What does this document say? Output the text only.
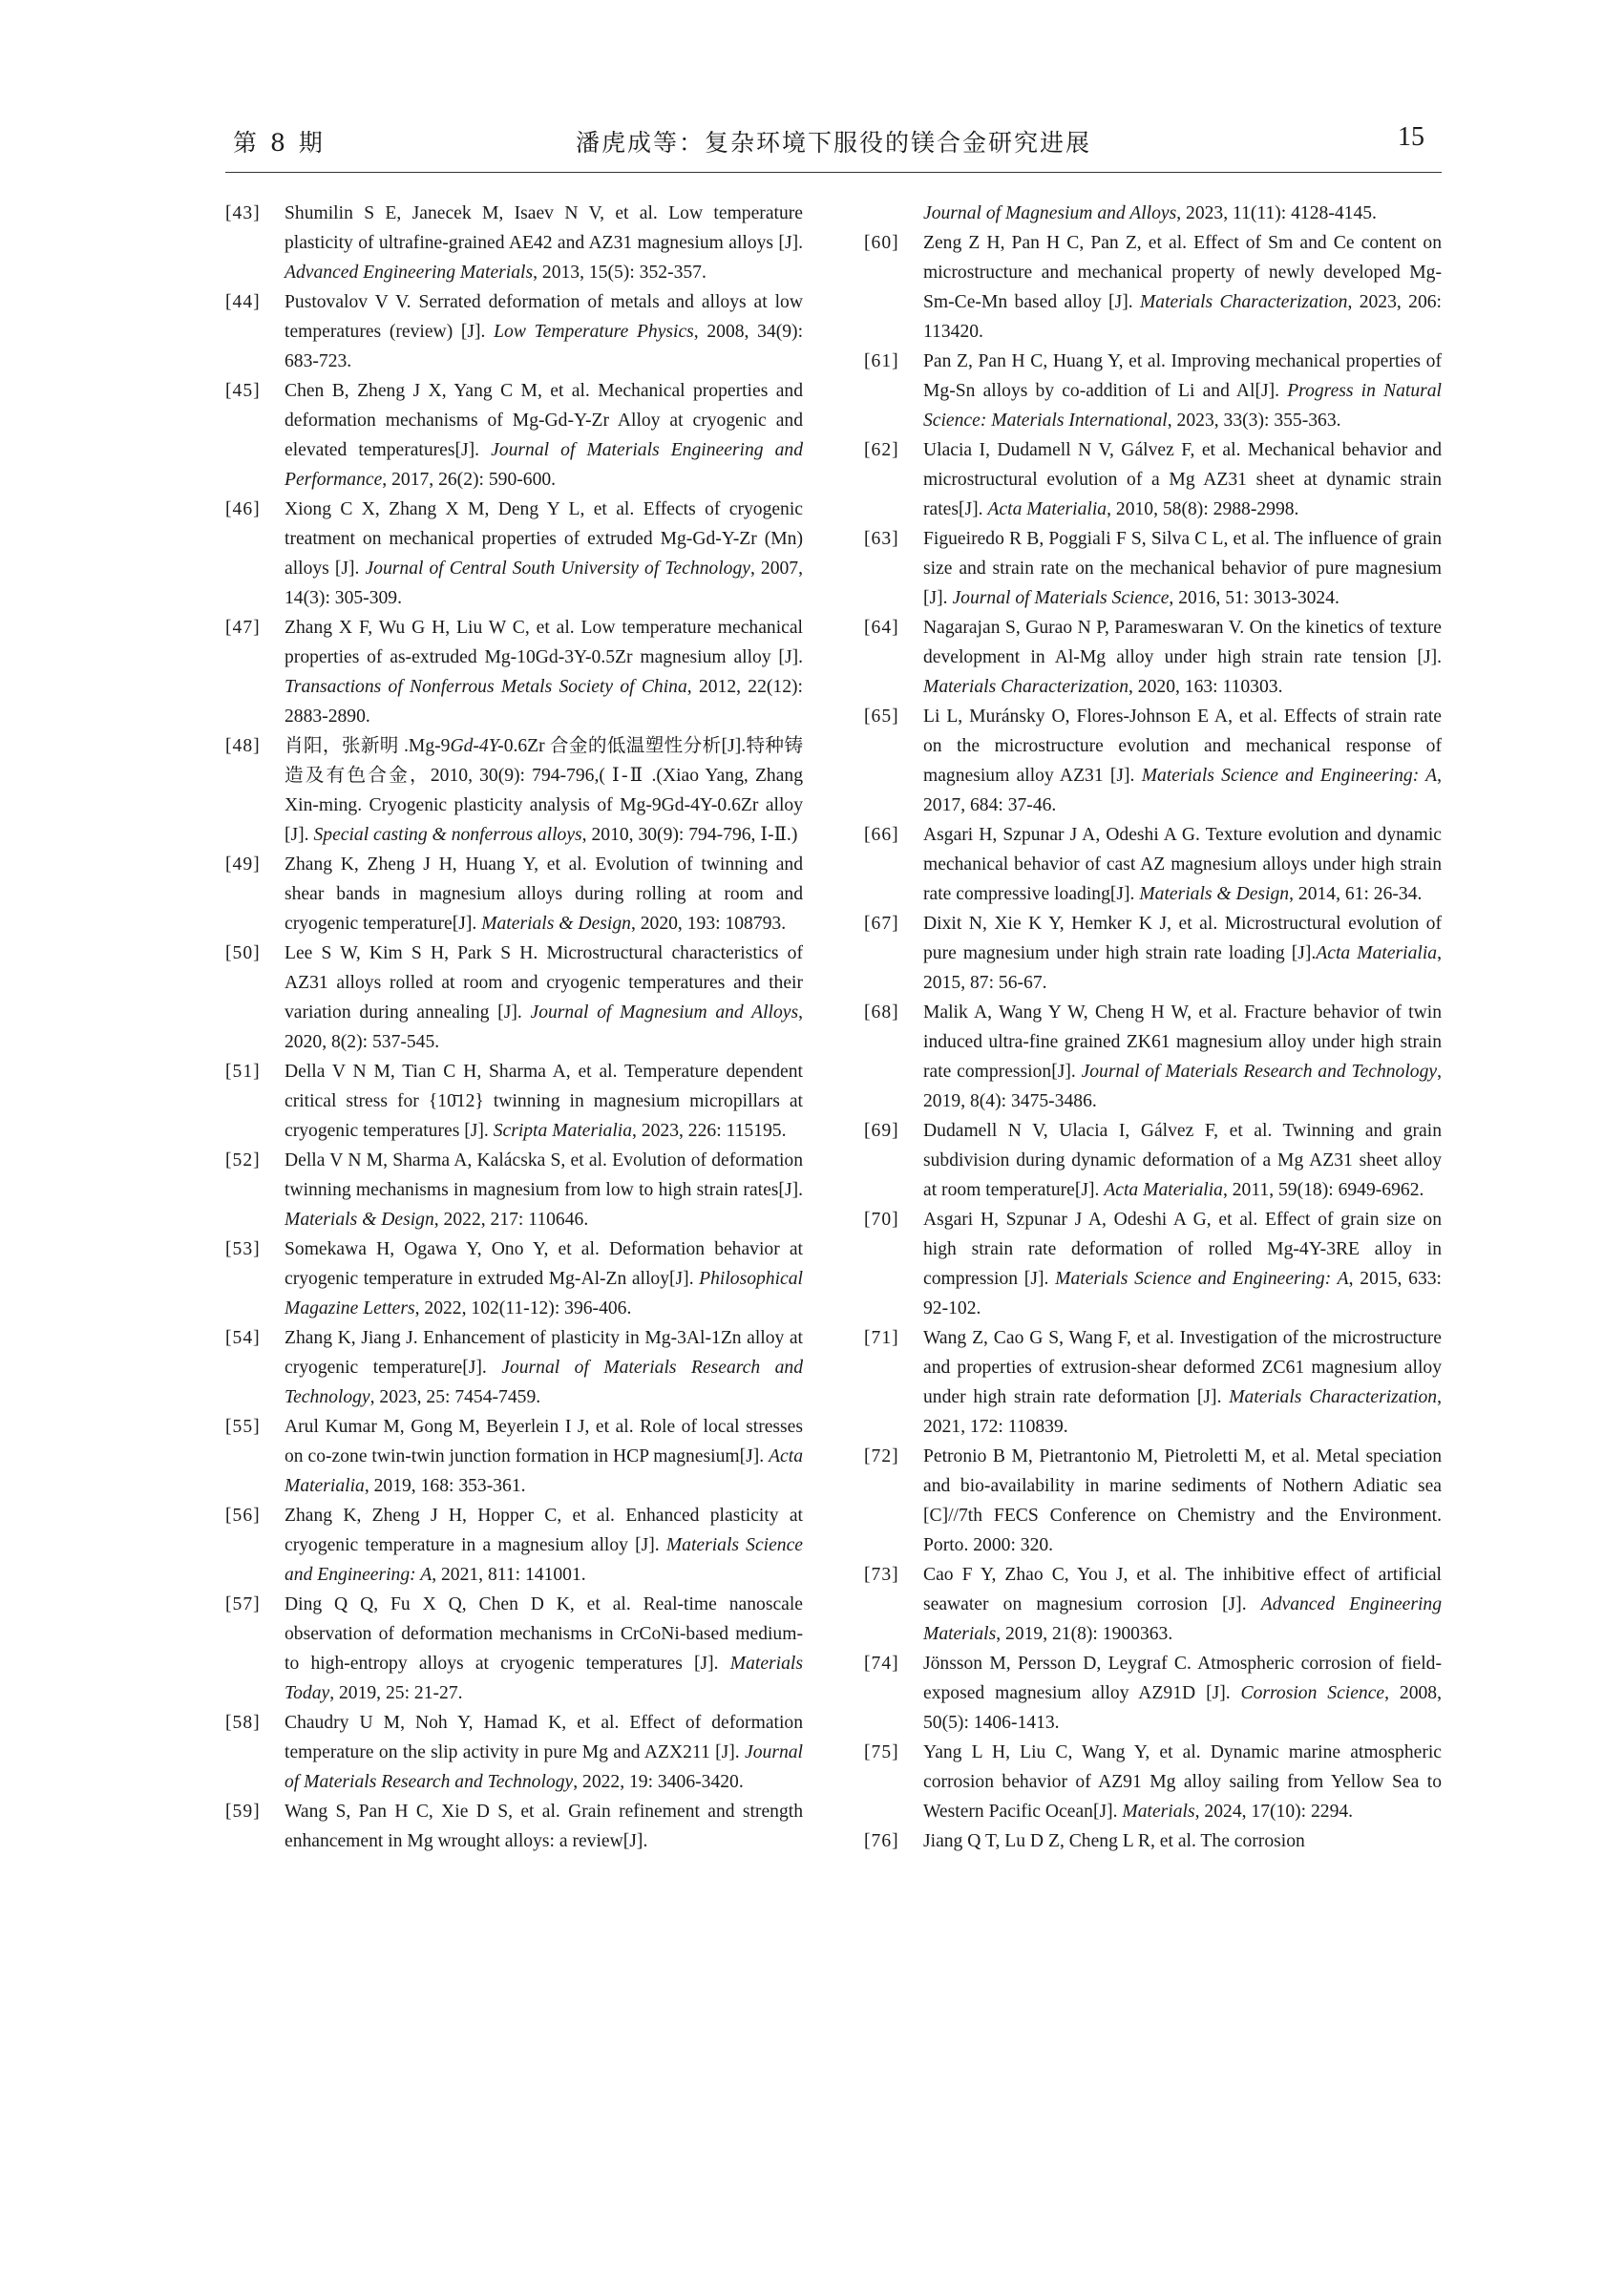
第 8 期	潘虎成等：复杂环境下服役的镁合金研究进展	15
[43] Shumilin S E, Janecek M, Isaev N V, et al. Low temperature plasticity of ultrafine-grained AE42 and AZ31 magnesium alloys [J]. Advanced Engineering Materials, 2013, 15(5): 352-357.
[44] Pustovalov V V. Serrated deformation of metals and alloys at low temperatures (review) [J]. Low Temperature Physics, 2008, 34(9): 683-723.
[45] Chen B, Zheng J X, Yang C M, et al. Mechanical properties and deformation mechanisms of Mg-Gd-Y-Zr Alloy at cryogenic and elevated temperatures[J]. Journal of Materials Engineering and Performance, 2017, 26(2): 590-600.
[46] Xiong C X, Zhang X M, Deng Y L, et al. Effects of cryogenic treatment on mechanical properties of extruded Mg-Gd-Y-Zr (Mn) alloys [J]. Journal of Central South University of Technology, 2007, 14(3): 305-309.
[47] Zhang X F, Wu G H, Liu W C, et al. Low temperature mechanical properties of as-extruded Mg-10Gd-3Y-0.5Zr magnesium alloy [J]. Transactions of Nonferrous Metals Society of China, 2012, 22(12): 2883-2890.
[48] 肖阳，张新明 .Mg-9Gd-4Y-0.6Zr 合金的低温塑性分析[J].特种铸造及有色合金，2010, 30(9): 794-796,( Ⅰ-Ⅱ .(Xiao Yang, Zhang Xin-ming. Cryogenic plasticity analysis of Mg-9Gd-4Y-0.6Zr alloy [J]. Special casting & nonferrous alloys, 2010, 30(9): 794-796, Ⅰ-Ⅱ.)
[49] Zhang K, Zheng J H, Huang Y, et al. Evolution of twinning and shear bands in magnesium alloys during rolling at room and cryogenic temperature[J]. Materials & Design, 2020, 193: 108793.
[50] Lee S W, Kim S H, Park S H. Microstructural characteristics of AZ31 alloys rolled at room and cryogenic temperatures and their variation during annealing [J]. Journal of Magnesium and Alloys, 2020, 8(2): 537-545.
[51] Della V N M, Tian C H, Sharma A, et al. Temperature dependent critical stress for {10̄12} twinning in magnesium micropillars at cryogenic temperatures [J]. Scripta Materialia, 2023, 226: 115195.
[52] Della V N M, Sharma A, Kalácska S, et al. Evolution of deformation twinning mechanisms in magnesium from low to high strain rates[J]. Materials & Design, 2022, 217: 110646.
[53] Somekawa H, Ogawa Y, Ono Y, et al. Deformation behavior at cryogenic temperature in extruded Mg-Al-Zn alloy[J]. Philosophical Magazine Letters, 2022, 102(11-12): 396-406.
[54] Zhang K, Jiang J. Enhancement of plasticity in Mg-3Al-1Zn alloy at cryogenic temperature[J]. Journal of Materials Research and Technology, 2023, 25: 7454-7459.
[55] Arul Kumar M, Gong M, Beyerlein I J, et al. Role of local stresses on co-zone twin-twin junction formation in HCP magnesium[J]. Acta Materialia, 2019, 168: 353-361.
[56] Zhang K, Zheng J H, Hopper C, et al. Enhanced plasticity at cryogenic temperature in a magnesium alloy [J]. Materials Science and Engineering: A, 2021, 811: 141001.
[57] Ding Q Q, Fu X Q, Chen D K, et al. Real-time nanoscale observation of deformation mechanisms in CrCoNi-based medium-to high-entropy alloys at cryogenic temperatures [J]. Materials Today, 2019, 25: 21-27.
[58] Chaudry U M, Noh Y, Hamad K, et al. Effect of deformation temperature on the slip activity in pure Mg and AZX211 [J]. Journal of Materials Research and Technology, 2022, 19: 3406-3420.
[59] Wang S, Pan H C, Xie D S, et al. Grain refinement and strength enhancement in Mg wrought alloys: a review[J].
Journal of Magnesium and Alloys, 2023, 11(11): 4128-4145.
[60] Zeng Z H, Pan H C, Pan Z, et al. Effect of Sm and Ce content on microstructure and mechanical property of newly developed Mg-Sm-Ce-Mn based alloy [J]. Materials Characterization, 2023, 206: 113420.
[61] Pan Z, Pan H C, Huang Y, et al. Improving mechanical properties of Mg-Sn alloys by co-addition of Li and Al[J]. Progress in Natural Science: Materials International, 2023, 33(3): 355-363.
[62] Ulacia I, Dudamell N V, Gálvez F, et al. Mechanical behavior and microstructural evolution of a Mg AZ31 sheet at dynamic strain rates[J]. Acta Materialia, 2010, 58(8): 2988-2998.
[63] Figueiredo R B, Poggiali F S, Silva C L, et al. The influence of grain size and strain rate on the mechanical behavior of pure magnesium [J]. Journal of Materials Science, 2016, 51: 3013-3024.
[64] Nagarajan S, Gurao N P, Parameswaran V. On the kinetics of texture development in Al-Mg alloy under high strain rate tension [J]. Materials Characterization, 2020, 163: 110303.
[65] Li L, Muránsky O, Flores-Johnson E A, et al. Effects of strain rate on the microstructure evolution and mechanical response of magnesium alloy AZ31 [J]. Materials Science and Engineering: A, 2017, 684: 37-46.
[66] Asgari H, Szpunar J A, Odeshi A G. Texture evolution and dynamic mechanical behavior of cast AZ magnesium alloys under high strain rate compressive loading[J]. Materials & Design, 2014, 61: 26-34.
[67] Dixit N, Xie K Y, Hemker K J, et al. Microstructural evolution of pure magnesium under high strain rate loading [J].Acta Materialia, 2015, 87: 56-67.
[68] Malik A, Wang Y W, Cheng H W, et al. Fracture behavior of twin induced ultra-fine grained ZK61 magnesium alloy under high strain rate compression[J]. Journal of Materials Research and Technology, 2019, 8(4): 3475-3486.
[69] Dudamell N V, Ulacia I, Gálvez F, et al. Twinning and grain subdivision during dynamic deformation of a Mg AZ31 sheet alloy at room temperature[J]. Acta Materialia, 2011, 59(18): 6949-6962.
[70] Asgari H, Szpunar J A, Odeshi A G, et al. Effect of grain size on high strain rate deformation of rolled Mg-4Y-3RE alloy in compression [J]. Materials Science and Engineering: A, 2015, 633: 92-102.
[71] Wang Z, Cao G S, Wang F, et al. Investigation of the microstructure and properties of extrusion-shear deformed ZC61 magnesium alloy under high strain rate deformation [J]. Materials Characterization, 2021, 172: 110839.
[72] Petronio B M, Pietrantonio M, Pietroletti M, et al. Metal speciation and bio-availability in marine sediments of Nothern Adiatic sea [C]//7th FECS Conference on Chemistry and the Environment. Porto. 2000: 320.
[73] Cao F Y, Zhao C, You J, et al. The inhibitive effect of artificial seawater on magnesium corrosion [J]. Advanced Engineering Materials, 2019, 21(8): 1900363.
[74] Jönsson M, Persson D, Leygraf C. Atmospheric corrosion of field-exposed magnesium alloy AZ91D [J]. Corrosion Science, 2008, 50(5): 1406-1413.
[75] Yang L H, Liu C, Wang Y, et al. Dynamic marine atmospheric corrosion behavior of AZ91 Mg alloy sailing from Yellow Sea to Western Pacific Ocean[J]. Materials, 2024, 17(10): 2294.
[76] Jiang Q T, Lu D Z, Cheng L R, et al. The corrosion
